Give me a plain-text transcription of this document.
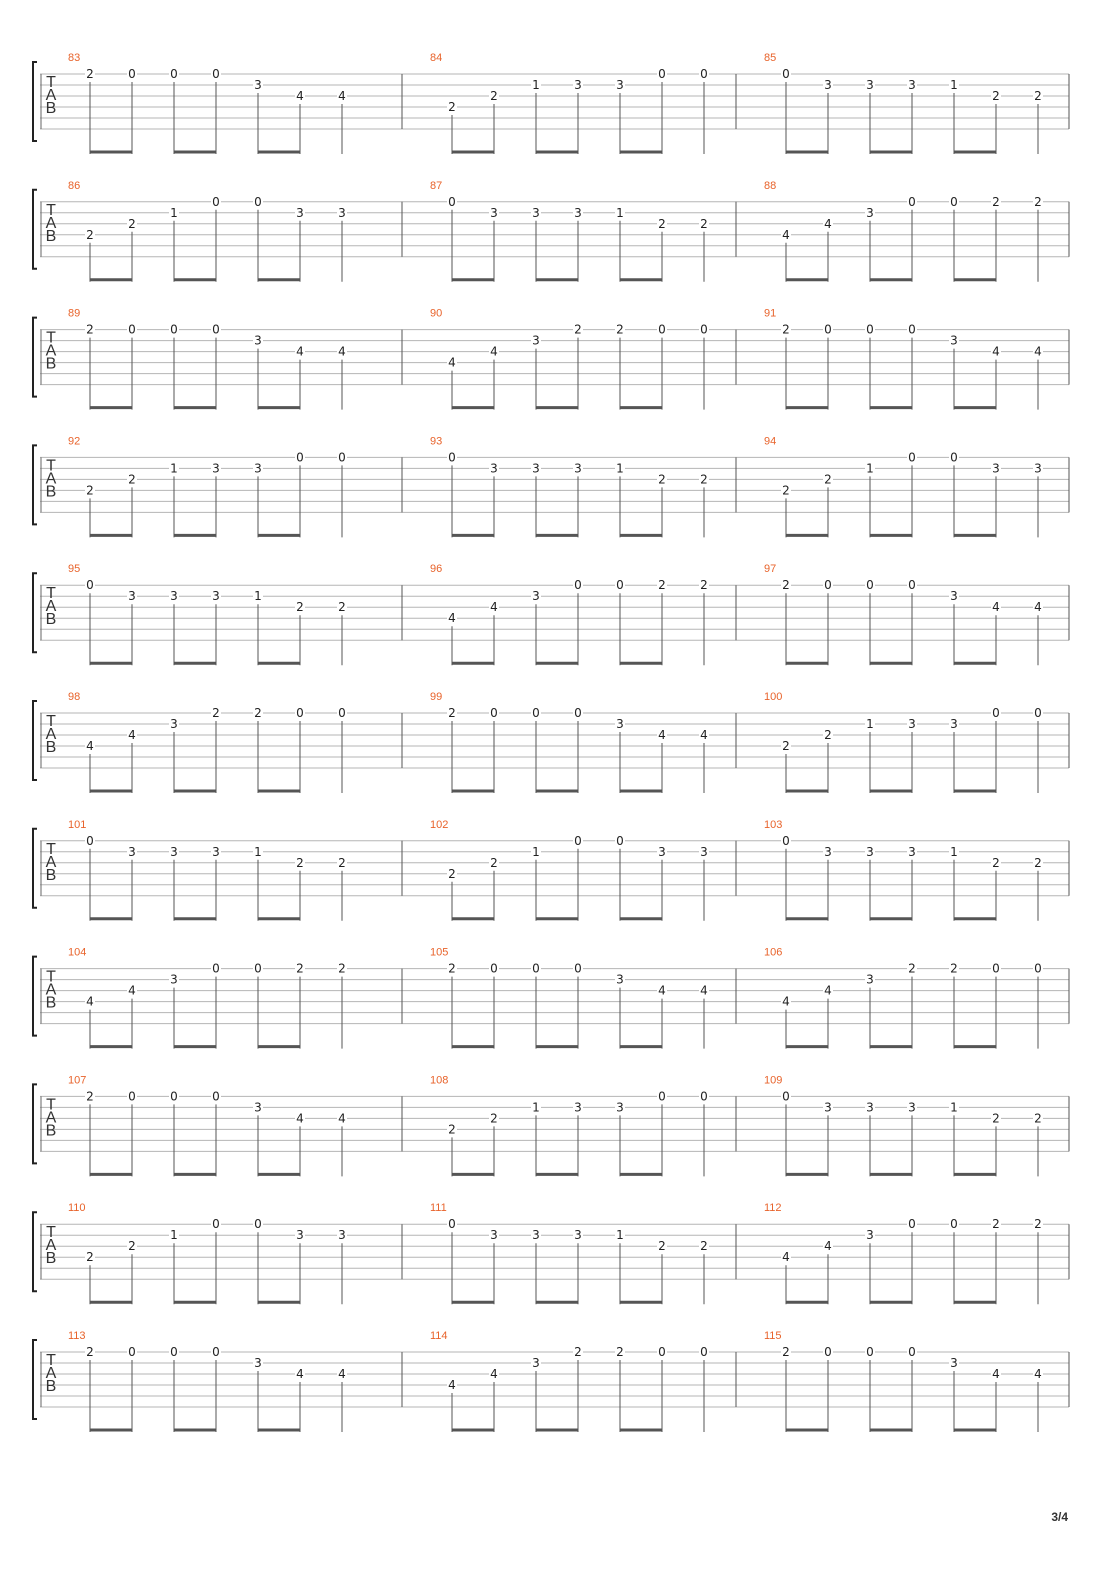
T
A
B
83
2	0	0	0
3
4	4
84
2
2
1	3	3
0	0
85
0
3	3	3	1
2	2
T
A
B
86
2
2
1
0	0
3	3
87
0
3	3	3	1
2	2
88
4
4
3
0	0	2	2
T
A
B
89
2	0	0	0
3
4	4
90
4
4
3
2	2	0	0
91
2	0	0	0
3
4	4
T
A
B
92
2
2
1	3	3
0	0
93
0
3	3	3	1
2	2
94
2
2
1
0	0
3	3
T
A
B
95
0
3	3	3	1
2	2
96
4
4
3
0	0	2	2
97
2	0	0	0
3
4	4
T
A
B
98
4
4
3
2	2	0	0
99
2	0	0	0
3
4	4
100
2
2
1	3	3
0	0
T
A
B
101
0
3	3	3	1
2	2
102
2
2
1
0	0
3	3
103
0
3	3	3	1
2	2
T
A
B
104
4
4
3
0	0	2	2
105
2	0	0	0
3
4	4
106
4
4
3
2	2	0	0
T
A
B
107
2	0	0	0
3
4	4
108
2
2
1	3	3
0	0
109
0
3	3	3	1
2	2
T
A
B
110
2
2
1
0	0
3	3
111
0
3	3	3	1
2	2
112
4
4
3
0	0	2	2
T
A
B
113
2	0	0	0
3
4	4
114
4
4
3
2	2	0	0
115
2	0	0	0
3
4	4
3/4
